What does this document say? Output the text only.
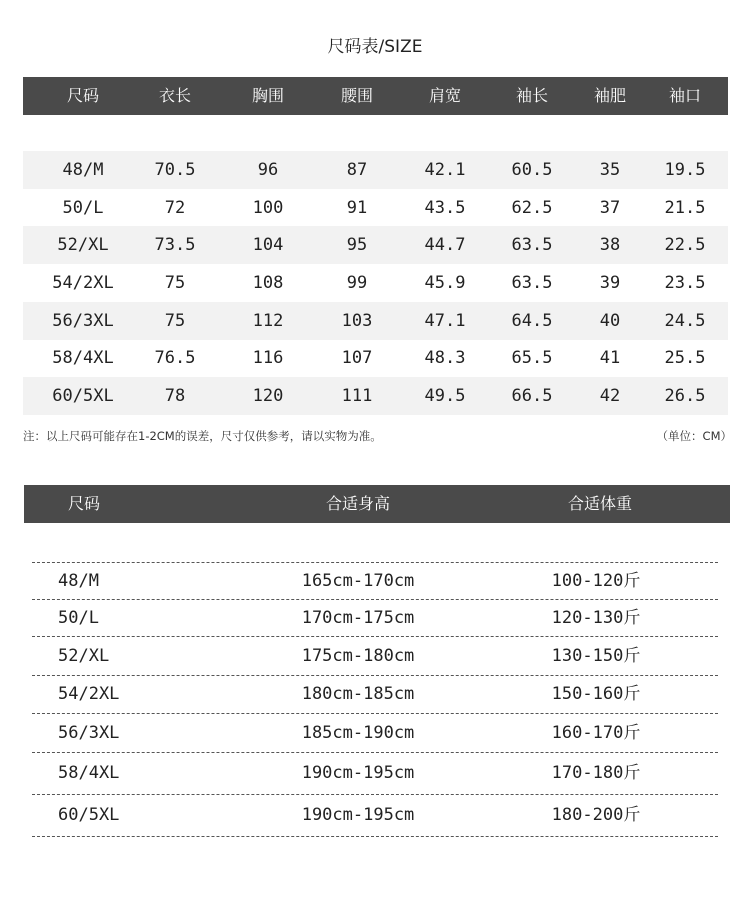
尺码表/SIZE
尺码	衣长	胸围	腰围	肩宽	袖长	袖肥	袖口
48/M	70.5	96	87	42.1	60.5	35	19.5
50/L	72	100	91	43.5	62.5	37	21.5
52/XL	73.5	104	95	44.7	63.5	38	22.5
54/2XL	75	108	99	45.9	63.5	39	23.5
56/3XL	75	112	103	47.1	64.5	40	24.5
58/4XL 76.5	116	107	48.3	65.5	41	25.5
60/5XL	78	120	111	49.5	66.5	42	26.5
注：以上尺码可能存在1-2CM的误差，尺寸仅供参考，请以实物为准。	（单位：CM）
尺码	合适身高	合适体重
48/M	165cm-170cm	100-120斤
50/L	170cm-175cm	120-130斤
52/XL	175cm-180cm	130-150斤
54/2XL	180cm-185cm	150-160斤
56/3XL	185cm-190cm	160-170斤
58/4XL	190cm-195cm	170-180斤
60/5XL	190cm-195cm	180-200斤
